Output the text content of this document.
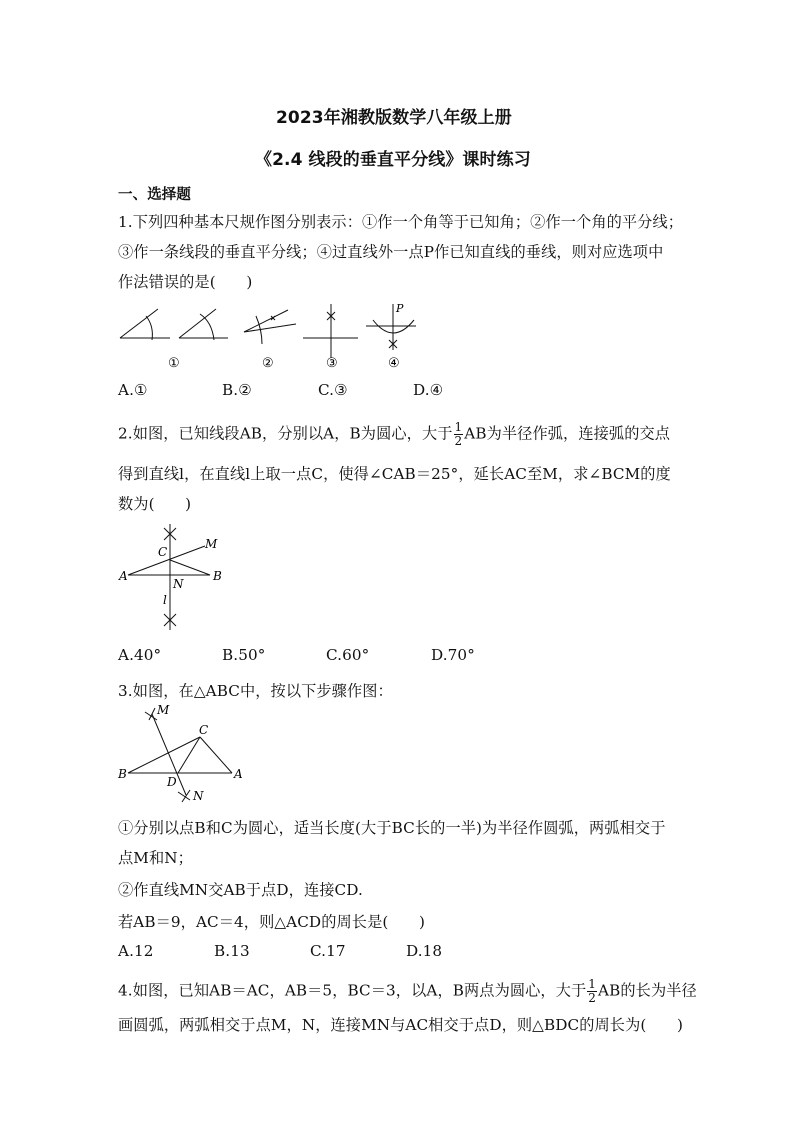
2023年湘教版数学八年级上册
《2.4 线段的垂直平分线》课时练习
一、选择题
1.下列四种基本尺规作图分别表示：①作一个角等于已知角；②作一个角的平分线；
③作一条线段的垂直平分线；④过直线外一点P作已知直线的垂线，则对应选项中
作法错误的是(　　)
①	②	③	④
P
A.①	B.②	C.③	D.④
2.如图，已知线段AB，分别以A，B为圆心，大于 $\frac{1}{2}$ AB为半径作弧，连接弧的交点
得到直线l，在直线l上取一点C，使得∠CAB＝25°，延长AC至M，求∠BCM的度
数为(　　)
C
M
A
N
B
l
A.40°	B.50°	C.60°	D.70°
3.如图，在△ABC中，按以下步骤作图：
M
C
B
D
A
N
①分别以点B和C为圆心，适当长度(大于BC长的一半)为半径作圆弧，两弧相交于
点M和N；
②作直线MN交AB于点D，连接CD.
若AB＝9，AC＝4，则△ACD的周长是(　　)
A.12	B.13	C.17	D.18
4.如图，已知AB＝AC，AB＝5，BC＝3，以A，B两点为圆心，大于 $\frac{1}{2}$ AB的长为半径
画圆弧，两弧相交于点M，N，连接MN与AC相交于点D，则△BDC的周长为(　　)
